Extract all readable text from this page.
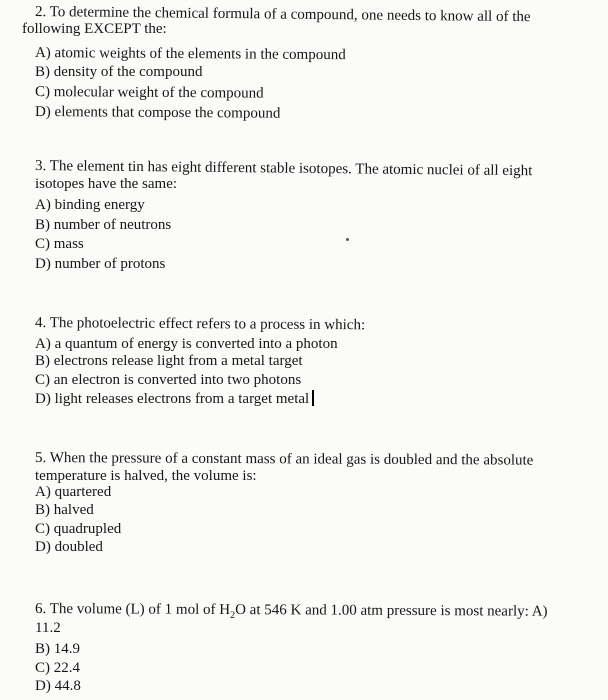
2. To determine the chemical formula of a compound, one needs to know all of the
following EXCEPT the:
A) atomic weights of the elements in the compound
B) density of the compound
C) molecular weight of the compound
D) elements that compose the compound
3. The element tin has eight different stable isotopes. The atomic nuclei of all eight
isotopes have the same:
A) binding energy
B) number of neutrons
C) mass
D) number of protons
4. The photoelectric effect refers to a process in which:
A) a quantum of energy is converted into a photon
B) electrons release light from a metal target
C) an electron is converted into two photons
D) light releases electrons from a target metal
5. When the pressure of a constant mass of an ideal gas is doubled and the absolute
temperature is halved, the volume is:
A) quartered
B) halved
C) quadrupled
D) doubled
6. The volume (L) of 1 mol of $H_2O$ at 546 K and 1.00 atm pressure is most nearly: A)
11.2
B) 14.9
C) 22.4
D) 44.8
